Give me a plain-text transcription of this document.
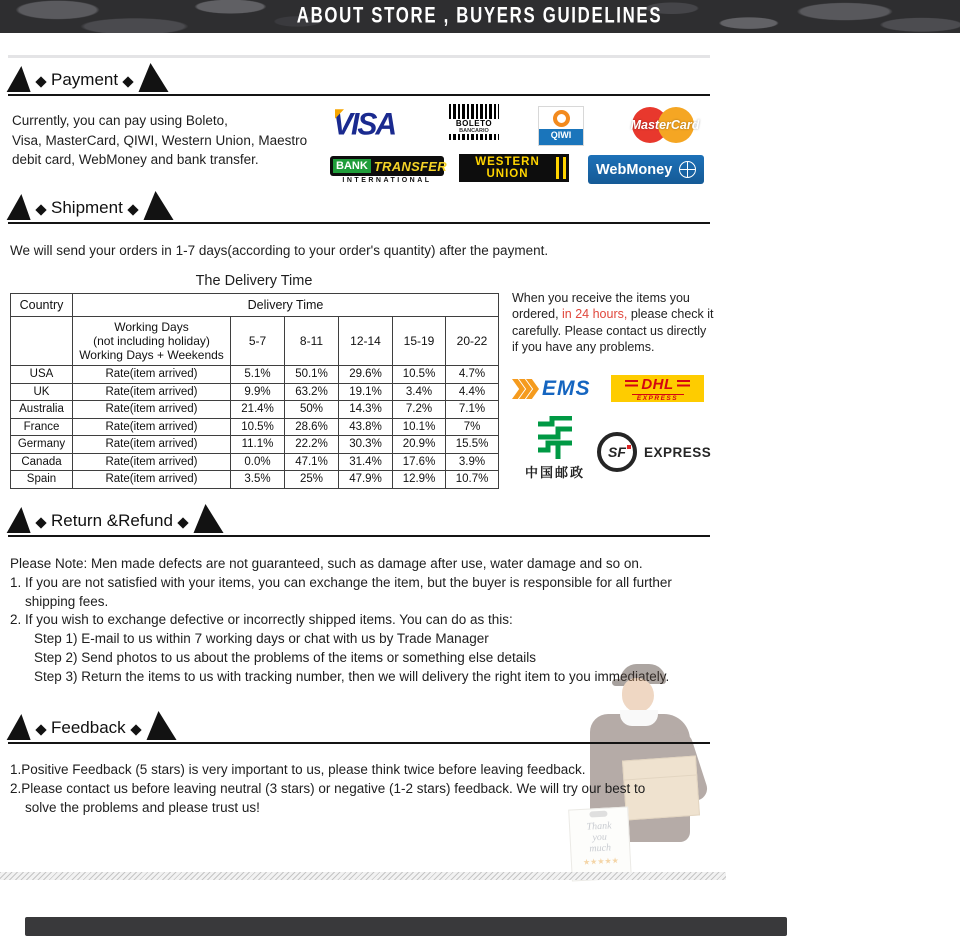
ABOUT STORE , BUYERS GUIDELINES
Payment
Currently, you can pay using Boleto,
Visa, MasterCard, QIWI, Western Union, Maestro
debit card, WebMoney and bank transfer.
VISA	BOLETO
BANCARIO	QIWI
MasterCard
BANK TRANSFER
INTERNATIONAL
WESTERN
UNION	WebMoney
Shipment
We will send your orders in 1-7 days(according to your order's quantity) after the payment.
The Delivery Time
Country	Delivery Time					

	Working Days
(not including holiday)
Working Days + Weekends	5-7	8-11	12-14	15-19	20-22
USA	Rate(item arrived)	5.1%	50.1%	29.6%	10.5%	4.7%
UK	Rate(item arrived)	9.9%	63.2%	19.1%	3.4%	4.4%
Australia	Rate(item arrived)	21.4%	50%	14.3%	7.2%	7.1%
France	Rate(item arrived)	10.5%	28.6%	43.8%	10.1%	7%
Germany	Rate(item arrived)	11.1%	22.2%	30.3%	20.9%	15.5%
Canada	Rate(item arrived)	0.0%	47.1%	31.4%	17.6%	3.9%
Spain	Rate(item arrived)	3.5%	25%	47.9%	12.9%	10.7%
When you receive the items you ordered, in 24 hours, please check it carefully. Please contact us directly if you have any problems.
EMS	DHL
EXPRESS
中国邮政
SF EXPRESS
Return &Refund
Please Note: Men made defects are not guaranteed, such as damage after use, water damage and so on.
1. If you are not satisfied with your items, you can exchange the item, but the buyer is responsible for all further
shipping fees.
2. If you wish to exchange defective or incorrectly shipped items. You can do as this:
Step 1) E-mail to us within 7 working days or chat with us by Trade Manager
Step 2) Send photos to us about the problems of the items or something else details
Step 3) Return the items to us with tracking number, then we will delivery the right item to you immediately.
Thank
you
much
★★★★★
Feedback
1.Positive Feedback (5 stars) is very important to us, please think twice before leaving feedback.
2.Please contact us before leaving neutral (3 stars) or negative (1-2 stars) feedback. We will try our best to
solve the problems and please trust us!
